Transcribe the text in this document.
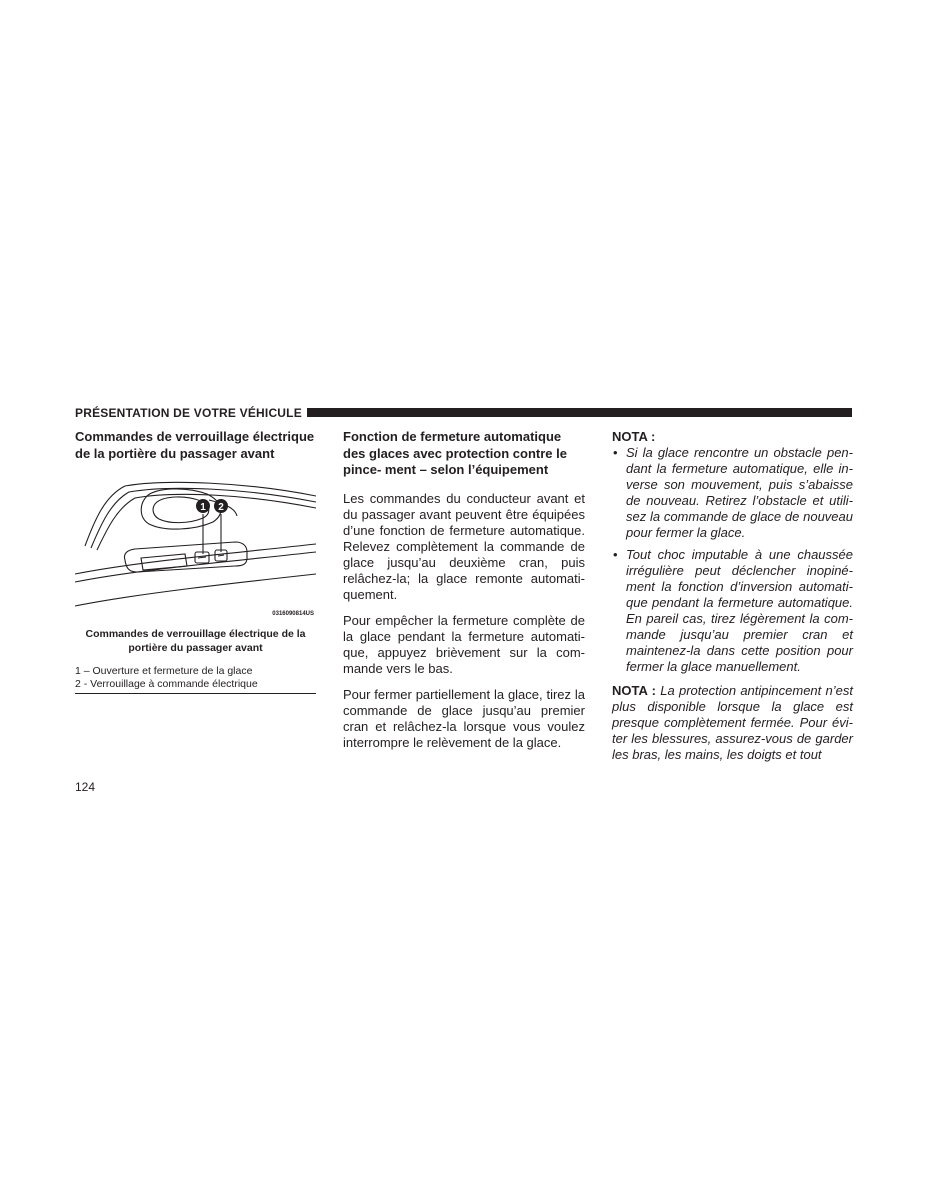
PRÉSENTATION DE VOTRE VÉHICULE
Commandes de verrouillage électrique de la portière du passager avant
1 2
0316090814US
Commandes de verrouillage électrique de la portière du passager avant
1 – Ouverture et fermeture de la glace
2 - Verrouillage à commande électrique
Fonction de fermeture automatique des glaces avec protection contre le pince- ment – selon l’équipement

Les commandes du conducteur avant et du passager avant peuvent être équipées d’une fonction de fermeture automatique. Relevez complètement la commande de glace jusqu’au deuxième cran, puis relâchez-la; la glace remonte automati- quement.

Pour empêcher la fermeture complète de la glace pendant la fermeture automati- que, appuyez brièvement sur la com- mande vers le bas.

Pour fermer partiellement la glace, tirez la commande de glace jusqu’au premier cran et relâchez-la lorsque vous voulez interrompre le relèvement de la glace.

NOTA :
• Si la glace rencontre un obstacle pen- dant la fermeture automatique, elle in- verse son mouvement, puis s’abaisse de nouveau. Retirez l’obstacle et utili- sez la commande de glace de nouveau pour fermer la glace.
• Tout choc imputable à une chaussée irrégulière peut déclencher inopiné- ment la fonction d’inversion automati- que pendant la fermeture automatique. En pareil cas, tirez légèrement la com- mande jusqu’au premier cran et maintenez-la dans cette position pour fermer la glace manuellement.
NOTA : La protection antipincement n’est plus disponible lorsque la glace est presque complètement fermée. Pour évi- ter les blessures, assurez-vous de garder les bras, les mains, les doigts et tout
124
